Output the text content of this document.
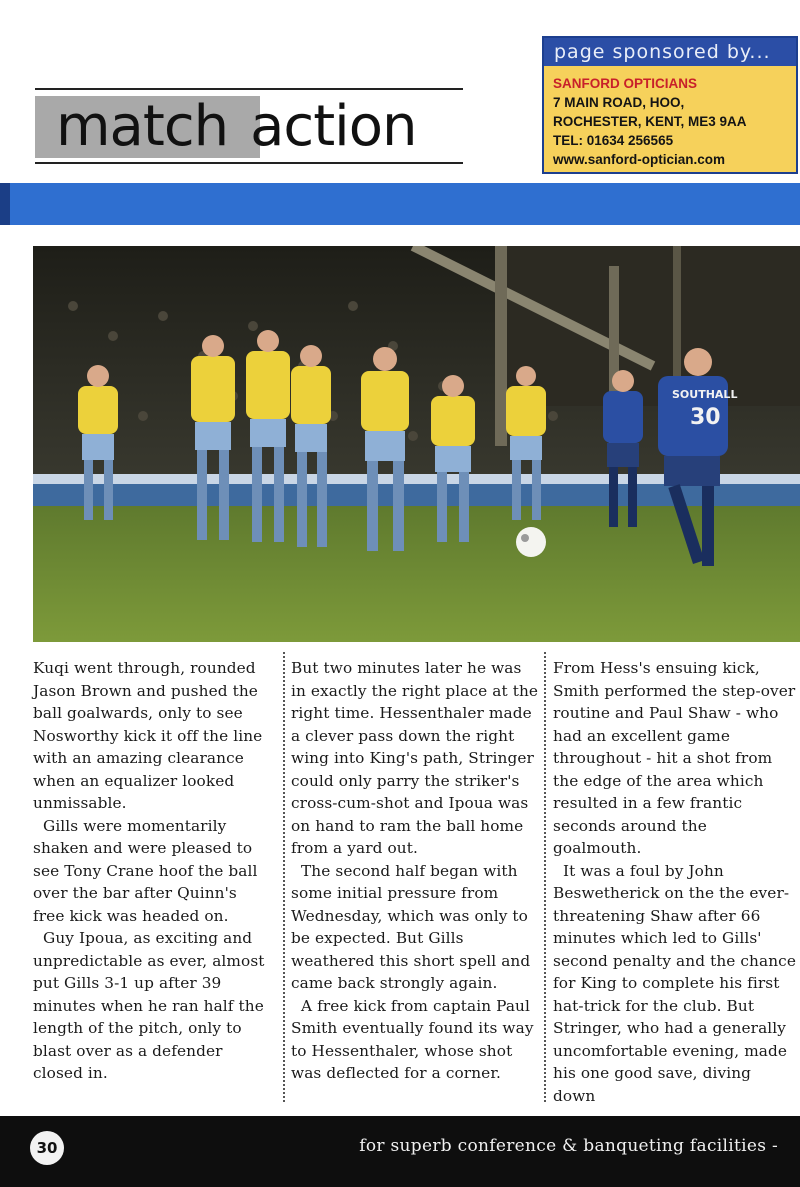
match action
page sponsored by...
SANFORD OPTICIANS
7 MAIN ROAD, HOO,
ROCHESTER, KENT, ME3 9AA
TEL: 01634 256565
www.sanford-optician.com
30
SOUTHALL

Kuqi went through, rounded Jason Brown and pushed the ball goalwards, only to see Nosworthy kick it off the line with an amazing clearance when an equalizer looked unmissable.

Gills were momentarily shaken and were pleased to see Tony Crane hoof the ball over the bar after Quinn's free kick was headed on.

Guy Ipoua, as exciting and unpredictable as ever, almost put Gills 3-1 up after 39 minutes when he ran half the length of the pitch, only to blast over as a defender closed in.

But two minutes later he was in exactly the right place at the right time. Hessenthaler made a clever pass down the right wing into King's path, Stringer could only parry the striker's cross-cum-shot and Ipoua was on hand to ram the ball home from a yard out.

The second half began with some initial pressure from Wednesday, which was only to be expected. But Gills weathered this short spell and came back strongly again.

A free kick from captain Paul Smith eventually found its way to Hessenthaler, whose shot was deflected for a corner.

From Hess's ensuing kick, Smith performed the step-over routine and Paul Shaw - who had an excellent game throughout - hit a shot from the edge of the area which resulted in a few frantic seconds around the goalmouth.

It was a foul by John Beswetherick on the the ever-threatening Shaw after 66 minutes which led to Gills' second penalty and the chance for King to complete his first hat-trick for the club. But Stringer, who had a generally uncomfortable evening, made his one good save, diving down

30	for superb conference & banqueting facilities -
